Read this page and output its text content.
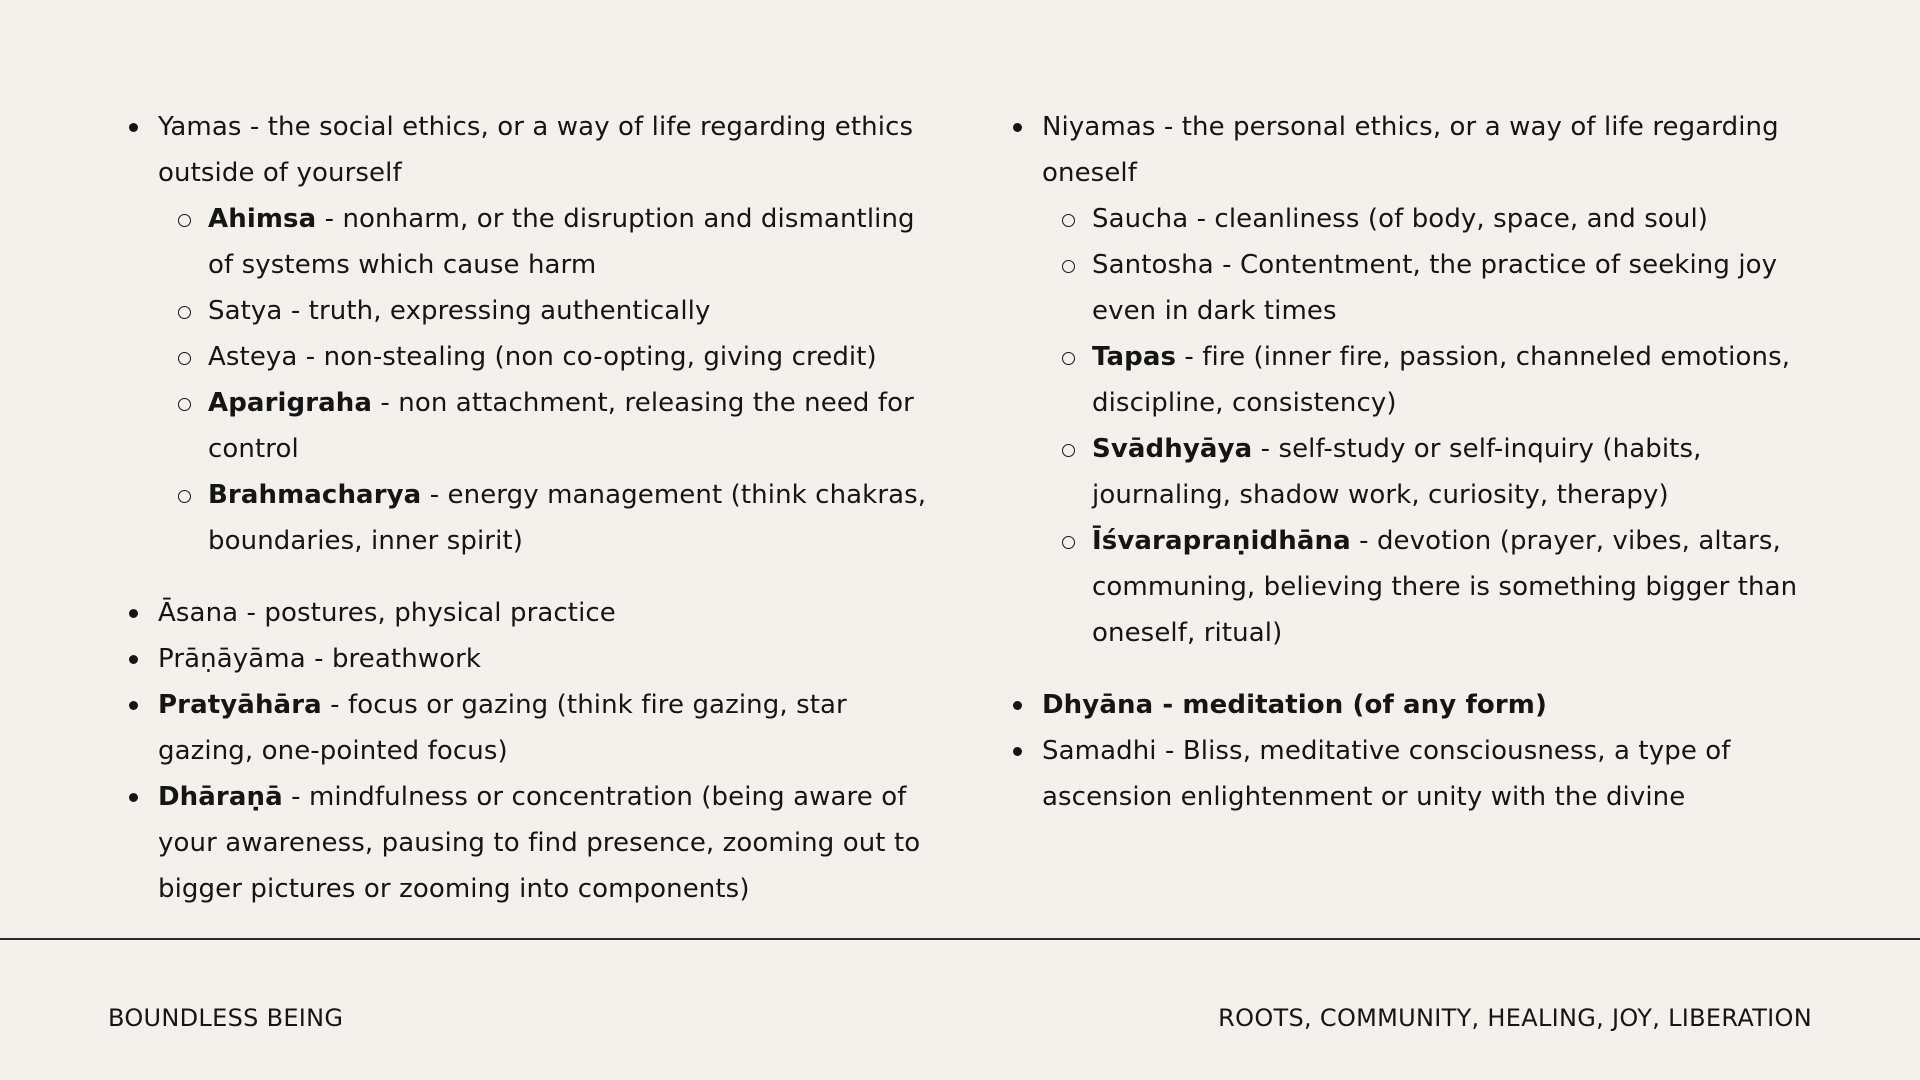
Yamas - the social ethics, or a way of life regarding ethics outside of yourself
Ahimsa - nonharm, or the disruption and dismantling of systems which cause harm
Satya - truth, expressing authentically
Asteya - non-stealing (non co-opting, giving credit)
Aparigraha - non attachment, releasing the need for control
Brahmacharya - energy management (think chakras, boundaries, inner spirit)
Āsana - postures, physical practice
Prāṇāyāma - breathwork
Pratyāhāra - focus or gazing (think fire gazing, star gazing, one-pointed focus)
Dhāraṇā - mindfulness or concentration (being aware of your awareness, pausing to find presence, zooming out to bigger pictures or zooming into components)
Niyamas - the personal ethics, or a way of life regarding oneself
Saucha - cleanliness (of body, space, and soul)
Santosha - Contentment, the practice of seeking joy even in dark times
Tapas - fire (inner fire, passion, channeled emotions, discipline, consistency)
Svādhyāya - self-study or self-inquiry (habits, journaling, shadow work, curiosity, therapy)
Īśvarapraṇidhāna - devotion (prayer, vibes, altars, communing, believing there is something bigger than oneself, ritual)
Dhyāna - meditation (of any form)
Samadhi - Bliss, meditative consciousness, a type of ascension enlightenment or unity with the divine
BOUNDLESS BEING	ROOTS, COMMUNITY, HEALING, JOY, LIBERATION
